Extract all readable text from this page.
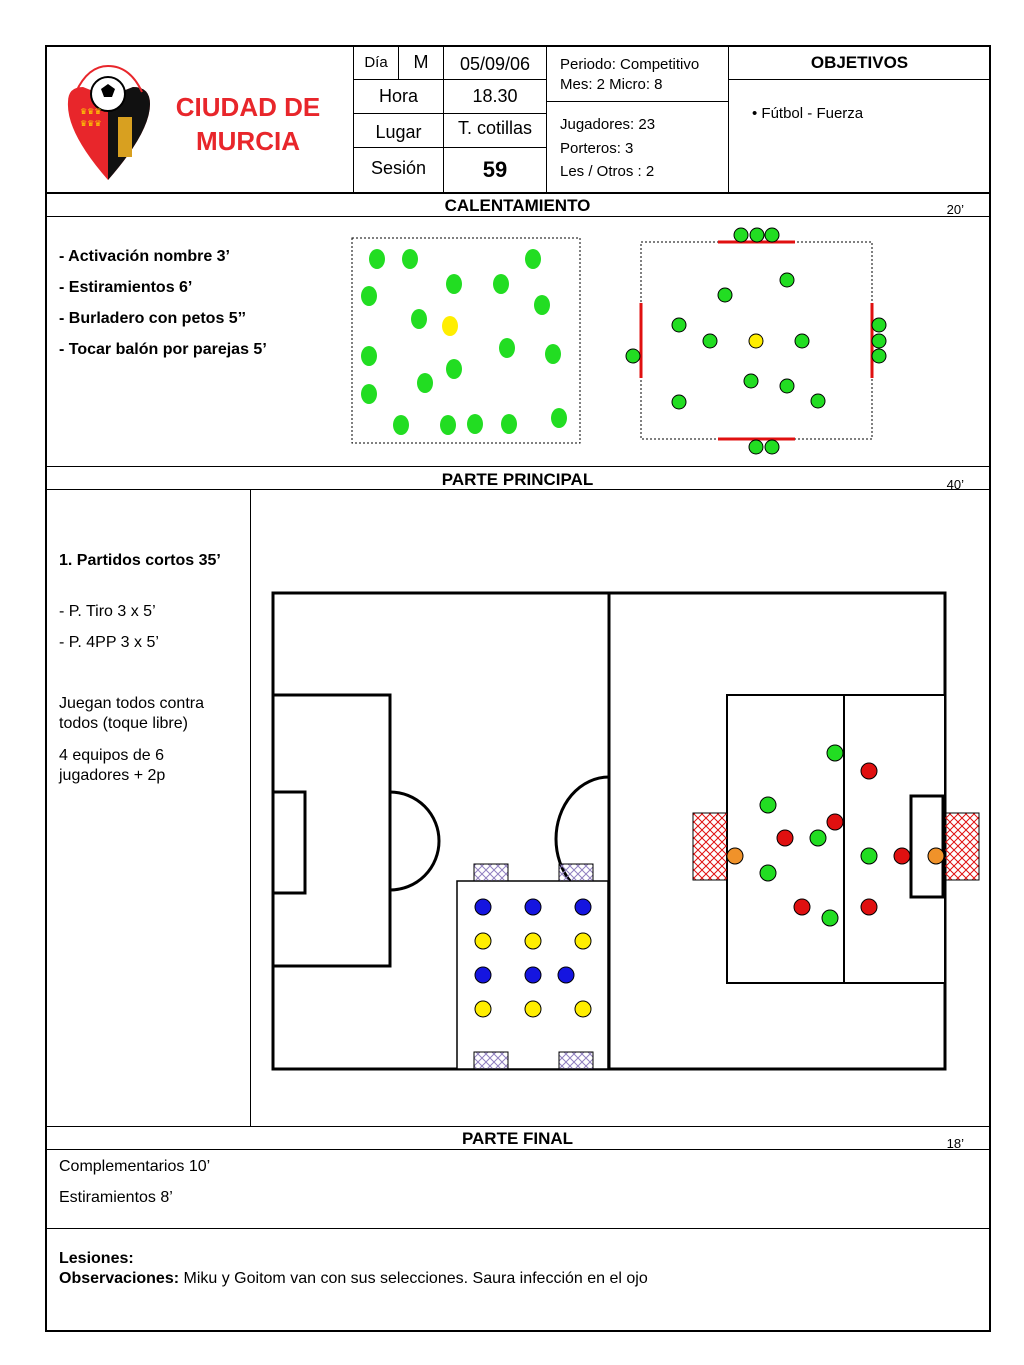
♛♛♛
♛♛♛
CIUDAD DE
MURCIA
Día	M	05/09/06
Hora	18.30
Lugar	T. cotillas
Sesión	59
Periodo: Competitivo
Mes: 2 Micro: 8
Jugadores: 23
Porteros: 3
Les / Otros : 2
OBJETIVOS
• Fútbol - Fuerza
CALENTAMIENTO	20’
- Activación nombre 3’
- Estiramientos 6’
- Burladero con petos 5’’
- Tocar balón por parejas 5’
PARTE PRINCIPAL	40’
1. Partidos cortos 35’
- P. Tiro 3 x 5’
- P. 4PP 3 x 5’
Juegan todos contra todos (toque libre)
4 equipos de 6 jugadores + 2p
PARTE FINAL	18’
Complementarios 10’
Estiramientos 8’
Lesiones:
Observaciones: Miku y Goitom van con sus selecciones. Saura infección en el ojo
